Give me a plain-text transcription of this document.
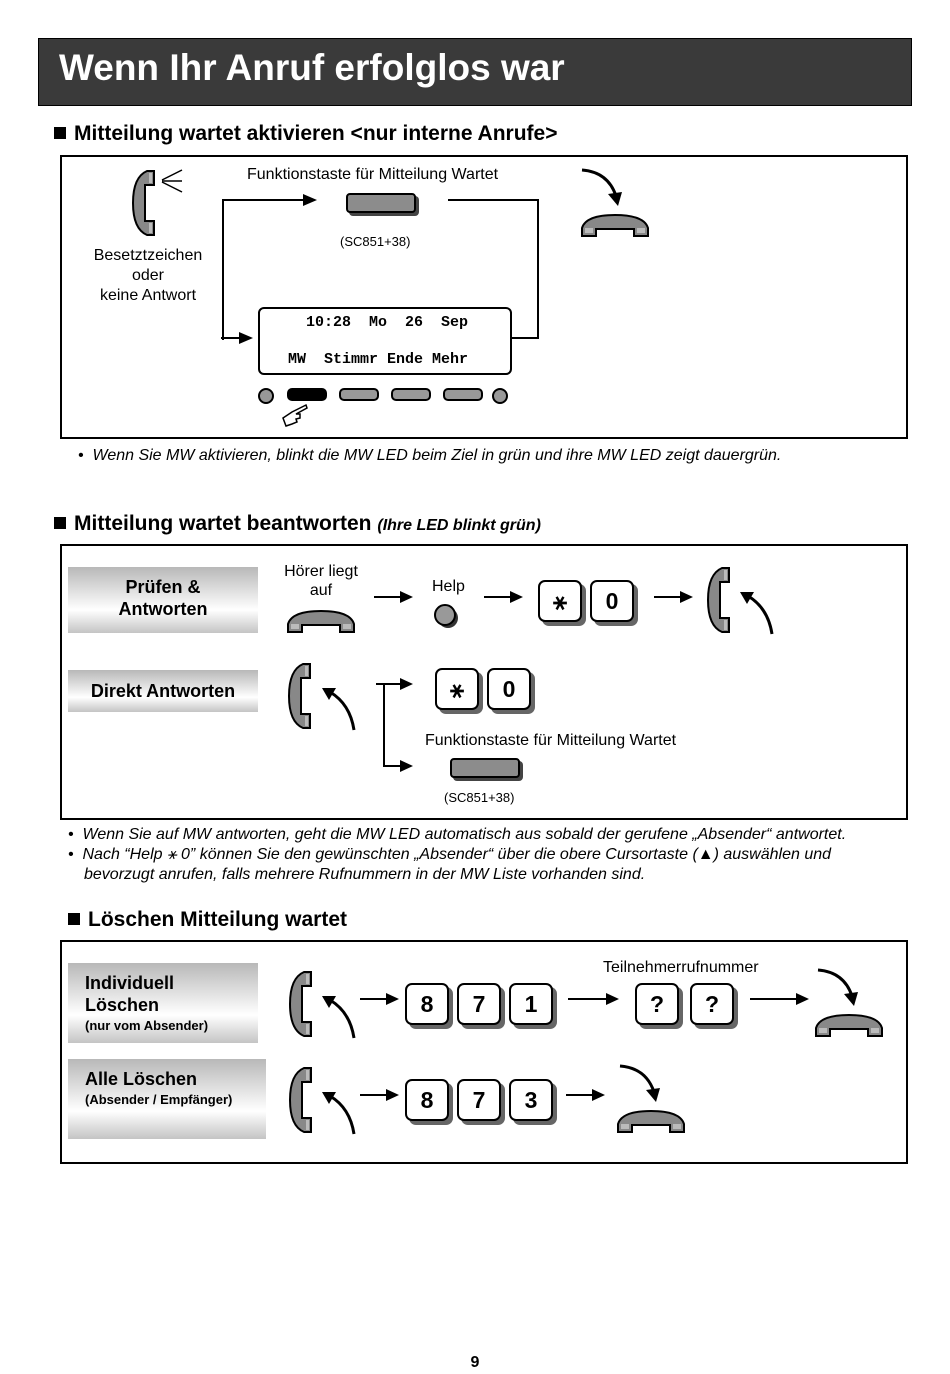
Wenn Ihr Anruf erfolglos war
Mitteilung wartet aktivieren <nur interne Anrufe>
Besetztzeichen
oder
keine Antwort
Funktionstaste für Mitteilung Wartet
(SC851+38)
10:28  Mo  26  Sep
MW  Stimmr Ende Mehr
•  Wenn Sie MW aktivieren, blinkt die MW LED beim Ziel in grün und ihre MW LED zeigt dauergrün.
Mitteilung wartet beantworten (Ihre LED blinkt grün)
Prüfen &
Antworten
Hörer liegt
auf	Help
⚹	0
Direkt Antworten	⚹	0
Funktionstaste für Mitteilung Wartet
(SC851+38)
•  Wenn Sie auf MW antworten, geht die MW LED automatisch aus sobald der gerufene „Absender“ antwortet.
•  Nach “Help ⚹ 0” können Sie den gewünschten „Absender“ über die obere Cursortaste (▲) auswählen und
bevorzugt anrufen, falls mehrere Rufnummern in der MW Liste vorhanden sind.
Löschen Mitteilung wartet
Individuell
Löschen
(nur vom Absender)
8	7	1
Teilnehmerrufnummer
?	?
Alle Löschen
(Absender / Empfänger)	8	7	3
9
